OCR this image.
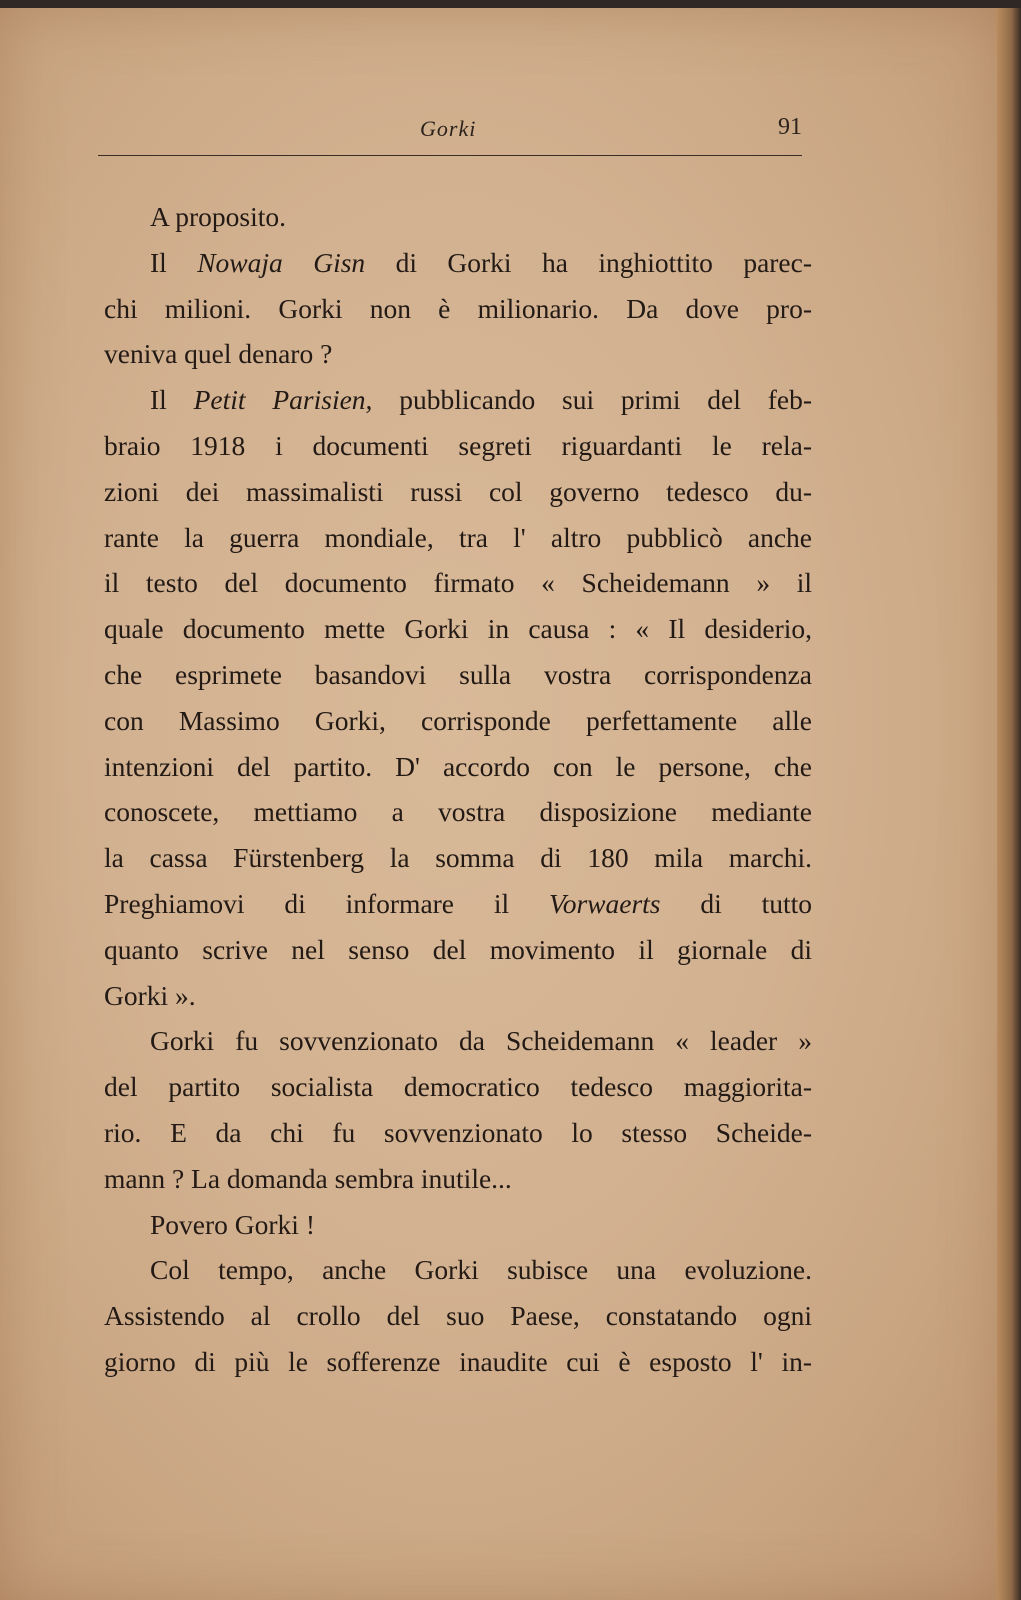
Gorki	91
A proposito.
Il Nowaja Gisn di Gorki ha inghiottito parec-
chi milioni. Gorki non è milionario. Da dove pro-
veniva quel denaro ?
Il Petit Parisien, pubblicando sui primi del feb-
braio 1918 i documenti segreti riguardanti le rela-
zioni dei massimalisti russi col governo tedesco du-
rante la guerra mondiale, tra l' altro pubblicò anche
il testo del documento firmato « Scheidemann » il
quale documento mette Gorki in causa : « Il desiderio,
che esprimete basandovi sulla vostra corrispondenza
con Massimo Gorki, corrisponde perfettamente alle
intenzioni del partito. D' accordo con le persone, che
conoscete, mettiamo a vostra disposizione mediante
la cassa Fürstenberg la somma di 180 mila marchi.
Preghiamovi di informare il Vorwaerts di tutto
quanto scrive nel senso del movimento il giornale di
Gorki ».
Gorki fu sovvenzionato da Scheidemann « leader »
del partito socialista democratico tedesco maggiorita-
rio. E da chi fu sovvenzionato lo stesso Scheide-
mann ? La domanda sembra inutile...
Povero Gorki !
Col tempo, anche Gorki subisce una evoluzione.
Assistendo al crollo del suo Paese, constatando ogni
giorno di più le sofferenze inaudite cui è esposto l' in-
